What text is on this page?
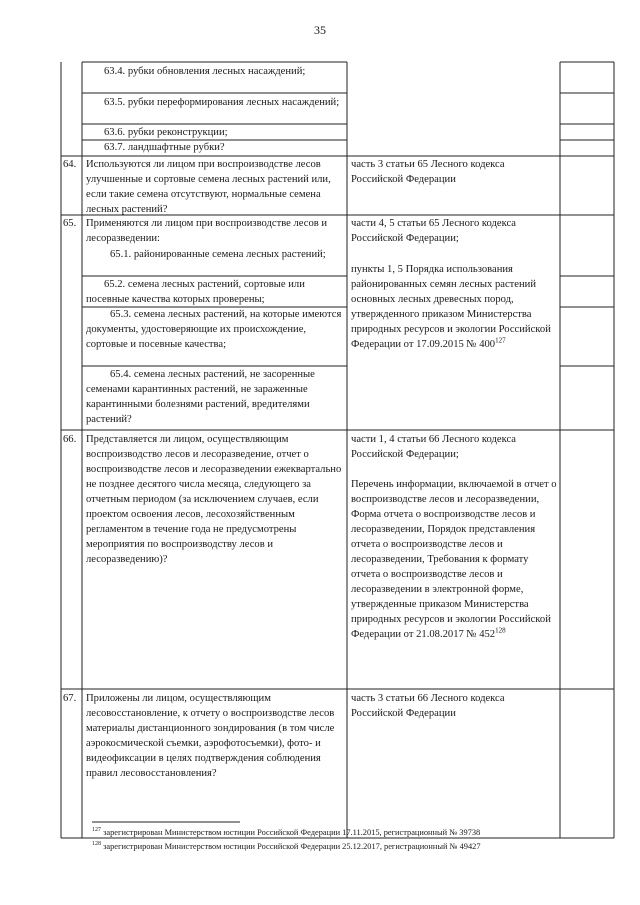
35
63.4. рубки обновления лесных насаждений;
63.5. рубки переформирования лесных насаждений;
63.6. рубки реконструкции;
63.7. ландшафтные рубки?
64. Используются ли лицом при воспроизводстве лесов улучшенные и сортовые семена лесных растений или, если такие семена отсутствуют, нормальные семена лесных растений?
часть 3 статьи 65 Лесного кодекса Российской Федерации
65. Применяются ли лицом при воспроизводстве лесов и лесоразведении:
65.1. районированные семена лесных растений;
65.2. семена лесных растений, сортовые или посевные качества которых проверены;
65.3. семена лесных растений, на которые имеются документы, удостоверяющие их происхождение, сортовые и посевные качества;
65.4. семена лесных растений, не засоренные семенами карантинных растений, не зараженные карантинными болезнями растений, вредителями растений?
части 4, 5 статьи 65 Лесного кодекса Российской Федерации;
пункты 1, 5 Порядка использования районированных семян лесных растений основных лесных древесных пород, утвержденного приказом Министерства природных ресурсов и экологии Российской Федерации от 17.09.2015 № $400^{127}$
66. Представляется ли лицом, осуществляющим воспроизводство лесов и лесоразведение, отчет о воспроизводстве лесов и лесоразведении ежеквартально не позднее десятого числа месяца, следующего за отчетным периодом (за исключением случаев, если проектом освоения лесов, лесохозяйственным регламентом в течение года не предусмотрены мероприятия по воспроизводству лесов и лесоразведению)?
части 1, 4 статьи 66 Лесного кодекса Российской Федерации;
Перечень информации, включаемой в отчет о воспроизводстве лесов и лесоразведении, Форма отчета о воспроизводстве лесов и лесоразведении, Порядок представления отчета о воспроизводстве лесов и лесоразведении, Требования к формату отчета о воспроизводстве лесов и лесоразведении в электронной форме, утвержденные приказом Министерства природных ресурсов и экологии Российской Федерации от 21.08.2017 № $452^{128}$
67. Приложены ли лицом, осуществляющим лесовосстановление, к отчету о воспроизводстве лесов материалы дистанционного зондирования (в том числе аэрокосмической съемки, аэрофотосъемки), фото- и видеофиксации в целях подтверждения соблюдения правил лесовосстановления?
часть 3 статьи 66 Лесного кодекса Российской Федерации
$^{127}$ зарегистрирован Министерством юстиции Российской Федерации 17.11.2015, регистрационный № 39738
$^{128}$ зарегистрирован Министерством юстиции Российской Федерации 25.12.2017, регистрационный № 49427
